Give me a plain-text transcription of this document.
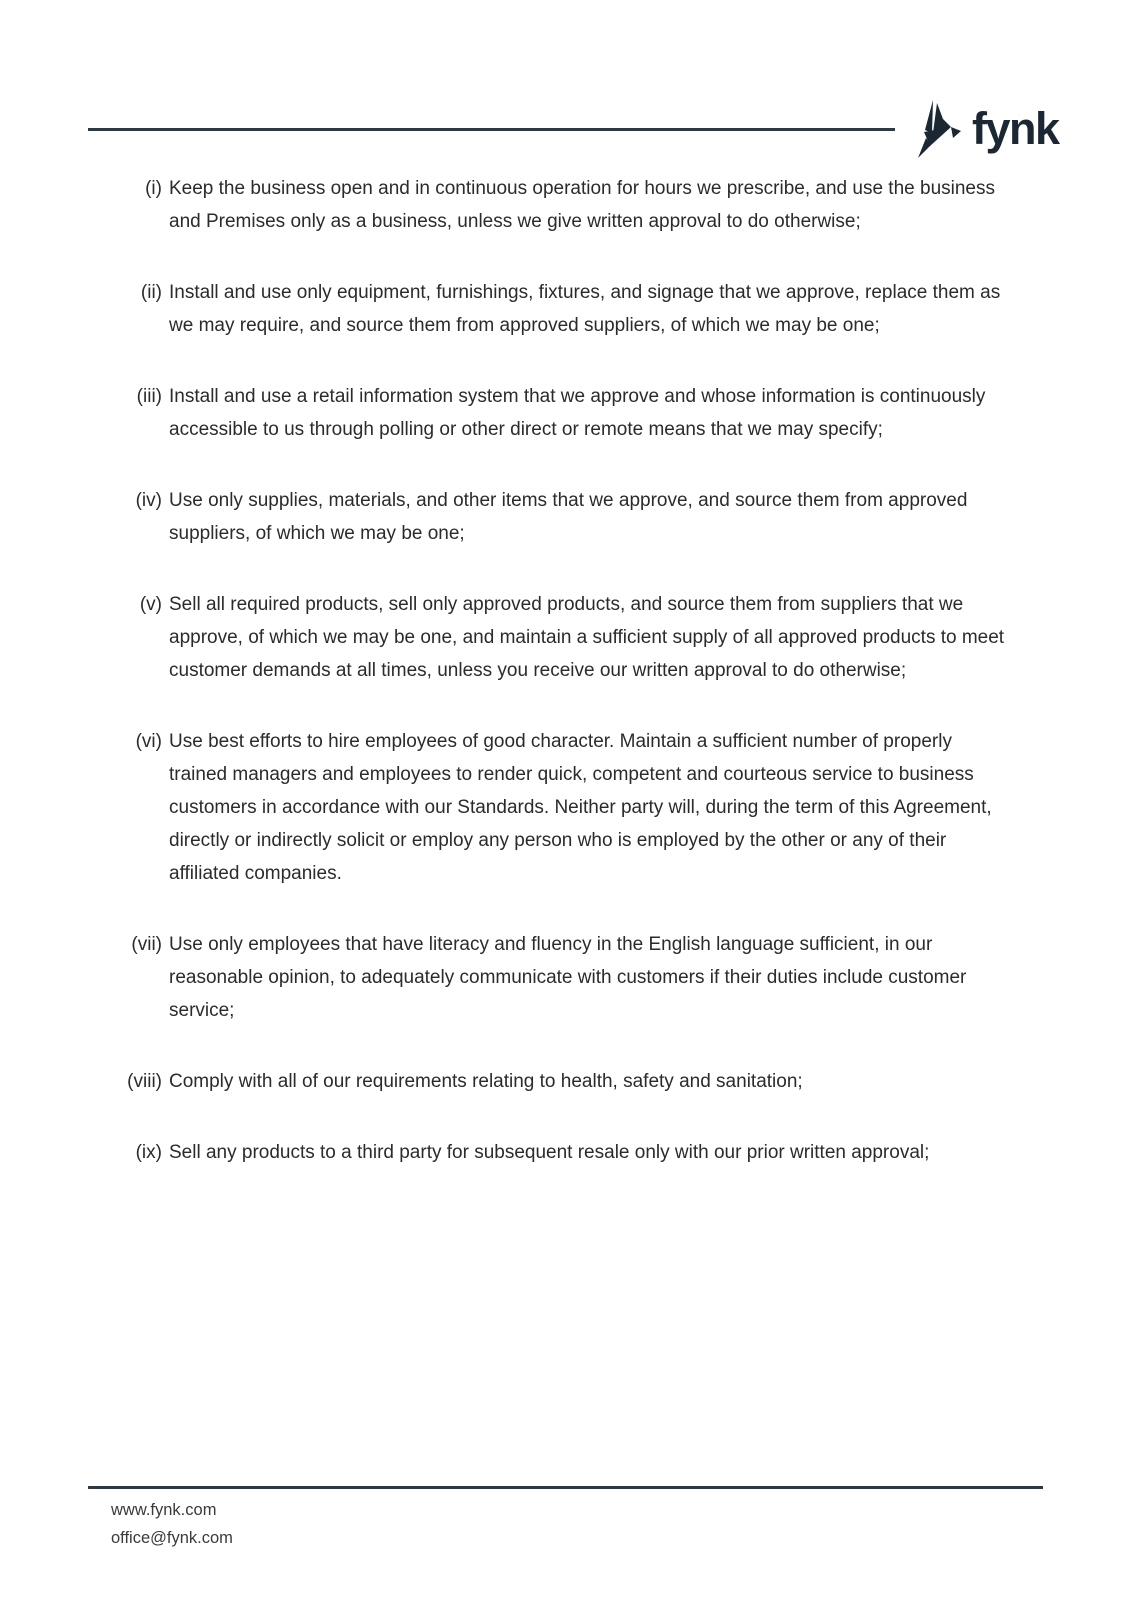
fynk
(i) Keep the business open and in continuous operation for hours we prescribe, and use the business and Premises only as a business, unless we give written approval to do otherwise;
(ii) Install and use only equipment, furnishings, fixtures, and signage that we approve, replace them as we may require, and source them from approved suppliers, of which we may be one;
(iii) Install and use a retail information system that we approve and whose information is continuously accessible to us through polling or other direct or remote means that we may specify;
(iv) Use only supplies, materials, and other items that we approve, and source them from approved suppliers, of which we may be one;
(v) Sell all required products, sell only approved products, and source them from suppliers that we approve, of which we may be one, and maintain a sufficient supply of all approved products to meet customer demands at all times, unless you receive our written approval to do otherwise;
(vi) Use best efforts to hire employees of good character. Maintain a sufficient number of properly trained managers and employees to render quick, competent and courteous service to business customers in accordance with our Standards. Neither party will, during the term of this Agreement, directly or indirectly solicit or employ any person who is employed by the other or any of their affiliated companies.
(vii) Use only employees that have literacy and fluency in the English language sufficient, in our reasonable opinion, to adequately communicate with customers if their duties include customer service;
(viii) Comply with all of our requirements relating to health, safety and sanitation;
(ix) Sell any products to a third party for subsequent resale only with our prior written approval;
www.fynk.com
office@fynk.com
